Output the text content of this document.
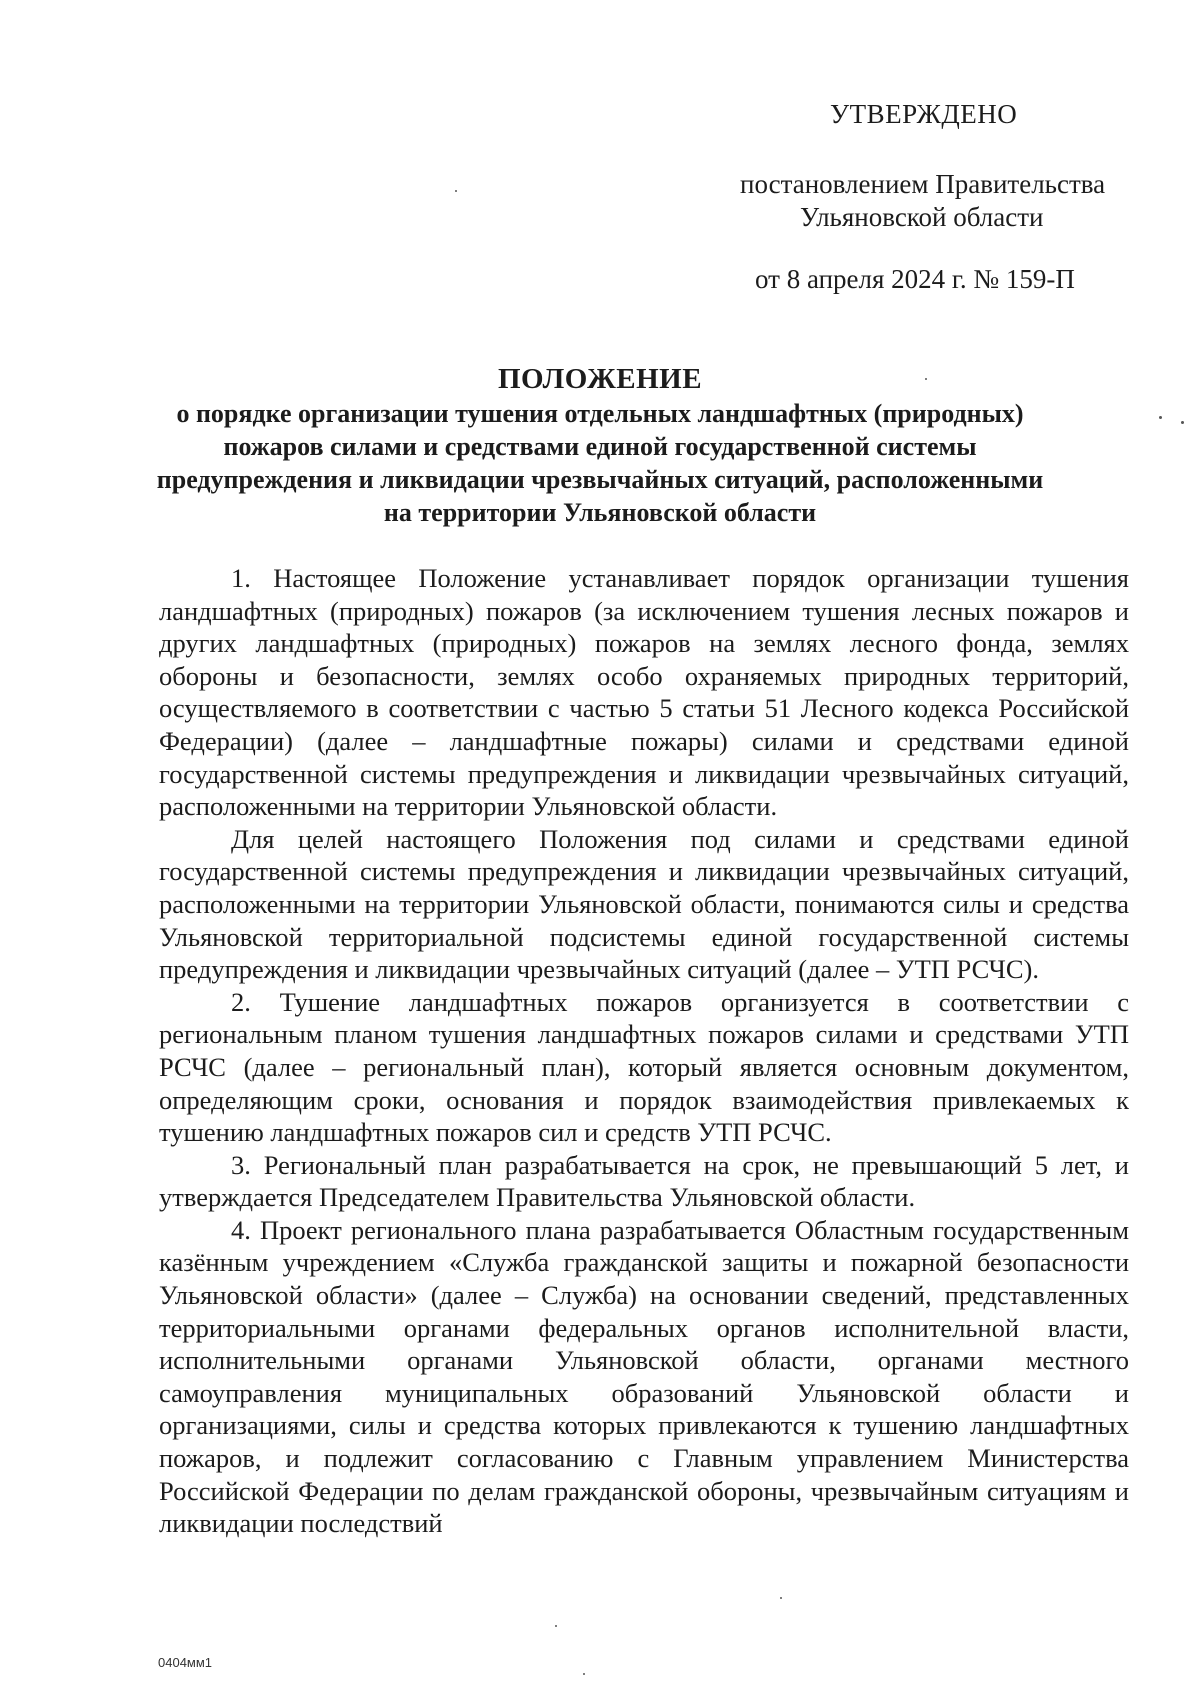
УТВЕРЖДЕНО
постановлением Правительства
Ульяновской области
от 8 апреля 2024 г. № 159-П
ПОЛОЖЕНИЕ
о порядке организации тушения отдельных ландшафтных (природных) пожаров силами и средствами единой государственной системы предупреждения и ликвидации чрезвычайных ситуаций, расположенными на территории Ульяновской области

1. Настоящее Положение устанавливает порядок организации тушения ландшафтных (природных) пожаров (за исключением тушения лесных пожаров и других ландшафтных (природных) пожаров на землях лесного фонда, землях обороны и безопасности, землях особо охраняемых природных территорий, осуществляемого в соответствии с частью 5 статьи 51 Лесного кодекса Российской Федерации) (далее – ландшафтные пожары) силами и средствами единой государственной системы предупреждения и ликвидации чрезвычайных ситуаций, расположенными на территории Ульяновской области.

Для целей настоящего Положения под силами и средствами единой государственной системы предупреждения и ликвидации чрезвычайных ситуаций, расположенными на территории Ульяновской области, понимаются силы и средства Ульяновской территориальной подсистемы единой государственной системы предупреждения и ликвидации чрезвычайных ситуаций (далее – УТП РСЧС).

2. Тушение ландшафтных пожаров организуется в соответствии с региональным планом тушения ландшафтных пожаров силами и средствами УТП РСЧС (далее – региональный план), который является основным документом, определяющим сроки, основания и порядок взаимодействия привлекаемых к тушению ландшафтных пожаров сил и средств УТП РСЧС.

3. Региональный план разрабатывается на срок, не превышающий 5 лет, и утверждается Председателем Правительства Ульяновской области.

4. Проект регионального плана разрабатывается Областным государственным казённым учреждением «Служба гражданской защиты и пожарной безопасности Ульяновской области» (далее – Служба) на основании сведений, представленных территориальными органами федеральных органов исполнительной власти, исполнительными органами Ульяновской области, органами местного самоуправления муниципальных образований Ульяновской области и организациями, силы и средства которых привлекаются к тушению ландшафтных пожаров, и подлежит согласованию с Главным управлением Министерства Российской Федерации по делам гражданской обороны, чрезвычайным ситуациям и ликвидации последствий

0404мм1
